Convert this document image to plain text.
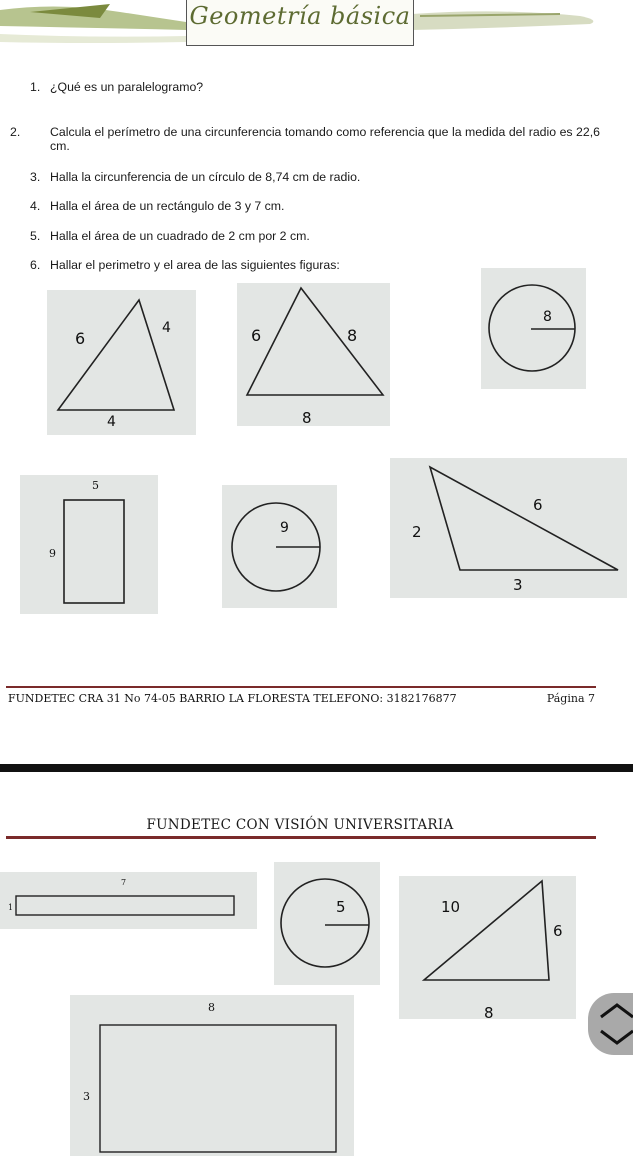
Geometría básica
1. ¿Qué es un paralelogramo?
2. Calcula el perímetro de una circunferencia tomando como referencia que la medida del radio es 22,6 cm.
3. Halla la circunferencia de un círculo de 8,74 cm de radio.
4. Halla el área de un rectángulo de 3 y 7 cm.
5. Halla el área de un cuadrado de 2 cm por 2 cm.
6. Hallar el perimetro y el area de las siguientes figuras:
6
4
4
6	8
8
8
5
9
9
6
2
3
FUNDETEC CRA 31 No 74-05 BARRIO LA FLORESTA TELEFONO: 3182176877	Página 7
FUNDETEC CON VISIÓN UNIVERSITARIA
7
1	5	10
6
8
8
3
